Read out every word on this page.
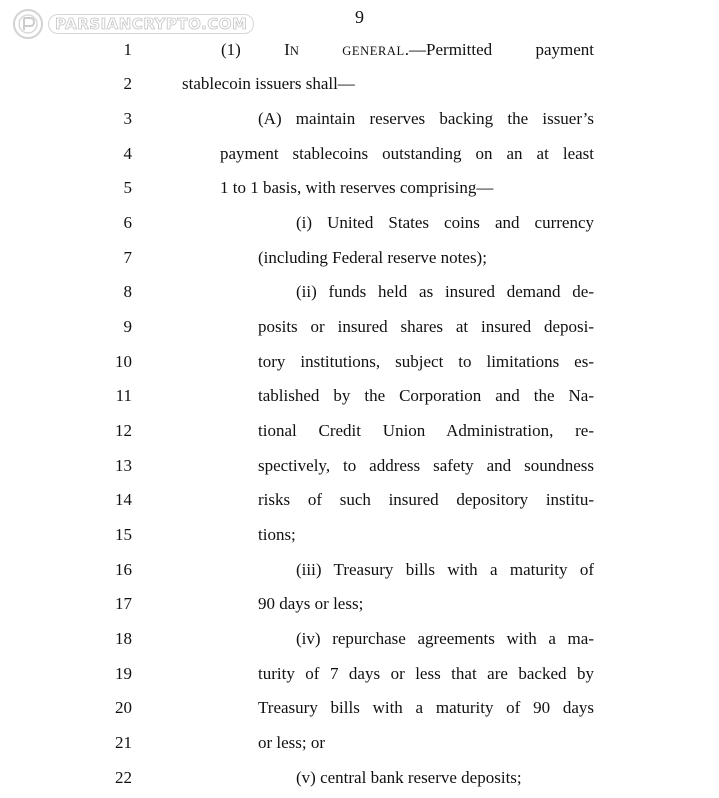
PARSIANCRYPTO.COM	9
1	(1) IN GENERAL.—Permitted payment
2	stablecoin issuers shall—
3	(A) maintain reserves backing the issuer’s
4	payment stablecoins outstanding on an at least
5	1 to 1 basis, with reserves comprising—
6	(i) United States coins and currency
7	(including Federal reserve notes);
8	(ii) funds held as insured demand de-
9	posits or insured shares at insured deposi-
10	tory institutions, subject to limitations es-
11	tablished by the Corporation and the Na-
12	tional Credit Union Administration, re-
13	spectively, to address safety and soundness
14	risks of such insured depository institu-
15	tions;
16	(iii) Treasury bills with a maturity of
17	90 days or less;
18	(iv) repurchase agreements with a ma-
19	turity of 7 days or less that are backed by
20	Treasury bills with a maturity of 90 days
21	or less; or
22	(v) central bank reserve deposits;
